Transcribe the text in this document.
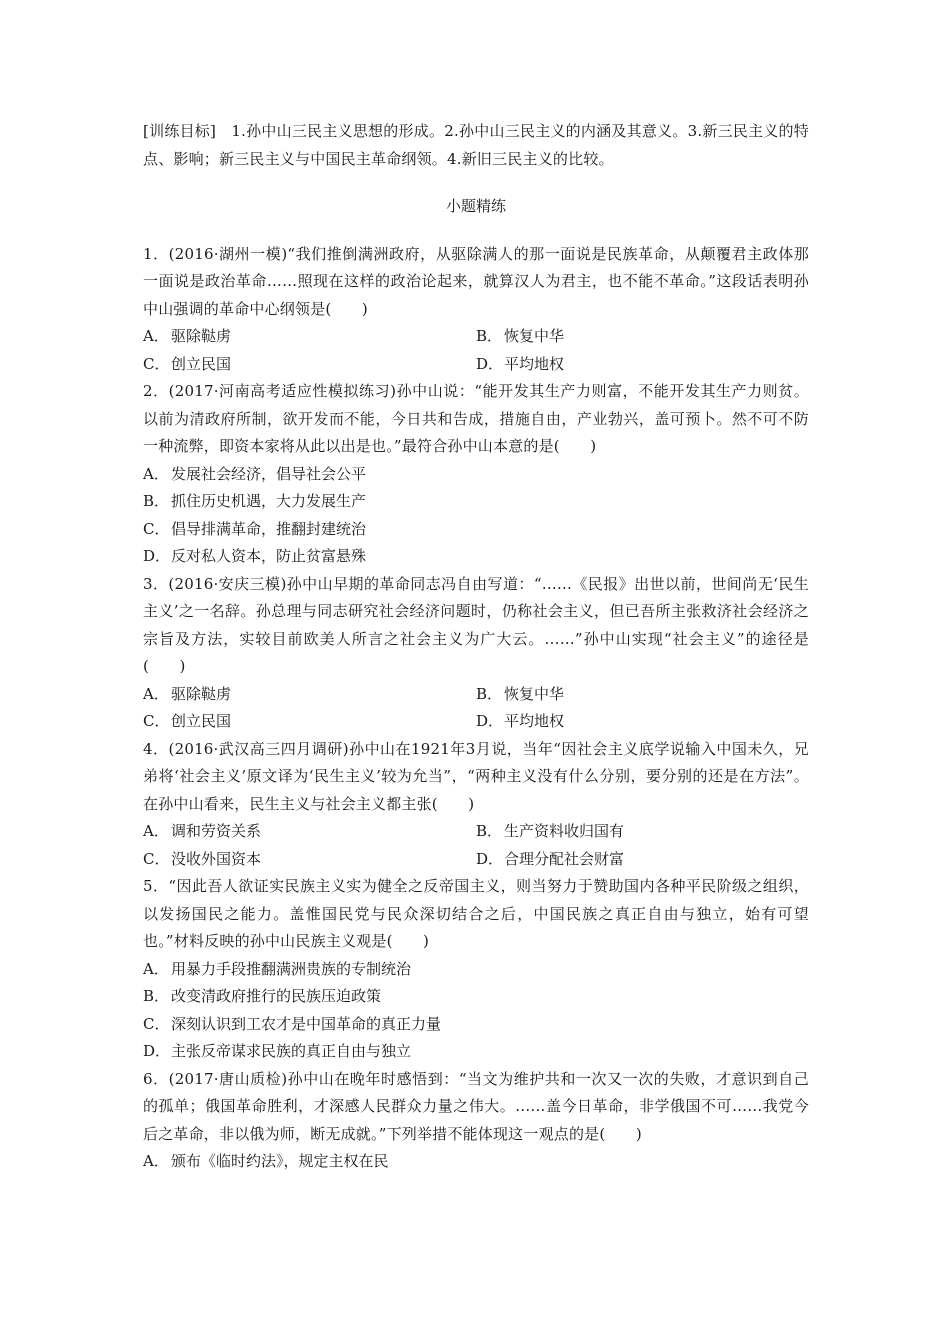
[训练目标]　1.孙中山三民主义思想的形成。2.孙中山三民主义的内涵及其意义。3.新三民主义的特点、影响；新三民主义与中国民主革命纲领。4.新旧三民主义的比较。

小题精练

1．(2016·湖州一模)“我们推倒满洲政府，从驱除满人的那一面说是民族革命，从颠覆君主政体那一面说是政治革命……照现在这样的政治论起来，就算汉人为君主，也不能不革命。”这段话表明孙中山强调的革命中心纲领是(　　)

A． 驱除鞑虏	B． 恢复中华
C． 创立民国	D．平均地权

2．(2017·河南高考适应性模拟练习)孙中山说：“能开发其生产力则富，不能开发其生产力则贫。以前为清政府所制，欲开发而不能，今日共和告成，措施自由，产业勃兴，盖可预卜。然不可不防一种流弊，即资本家将从此以出是也。”最符合孙中山本意的是(　　)

A． 发展社会经济，倡导社会公平
B． 抓住历史机遇，大力发展生产
C． 倡导排满革命，推翻封建统治
D．反对私人资本，防止贫富悬殊

3．(2016·安庆三模)孙中山早期的革命同志冯自由写道：“……《民报》出世以前，世间尚无‘民生主义’之一名辞。孙总理与同志研究社会经济问题时，仍称社会主义，但已吾所主张救济社会经济之宗旨及方法，实较目前欧美人所言之社会主义为广大云。……”孙中山实现“社会主义”的途径是(　　)

A． 驱除鞑虏	B． 恢复中华
C． 创立民国	D．平均地权

4．(2016·武汉高三四月调研)孙中山在1921年3月说，当年“因社会主义底学说输入中国未久，兄弟将‘社会主义’原文译为‘民生主义’较为允当”，“两种主义没有什么分别，要分别的还是在方法”。在孙中山看来，民生主义与社会主义都主张(　　)

A． 调和劳资关系	B． 生产资料收归国有
C． 没收外国资本	D．合理分配社会财富

5．“因此吾人欲证实民族主义实为健全之反帝国主义，则当努力于赞助国内各种平民阶级之组织，以发扬国民之能力。盖惟国民党与民众深切结合之后，中国民族之真正自由与独立，始有可望也。”材料反映的孙中山民族主义观是(　　)

A． 用暴力手段推翻满洲贵族的专制统治
B． 改变清政府推行的民族压迫政策
C． 深刻认识到工农才是中国革命的真正力量
D．主张反帝谋求民族的真正自由与独立

6．(2017·唐山质检)孙中山在晚年时感悟到：“当文为维护共和一次又一次的失败，才意识到自己的孤单；俄国革命胜利，才深感人民群众力量之伟大。……盖今日革命，非学俄国不可……我党今后之革命，非以俄为师，断无成就。”下列举措不能体现这一观点的是(　　)

A． 颁布《临时约法》，规定主权在民
